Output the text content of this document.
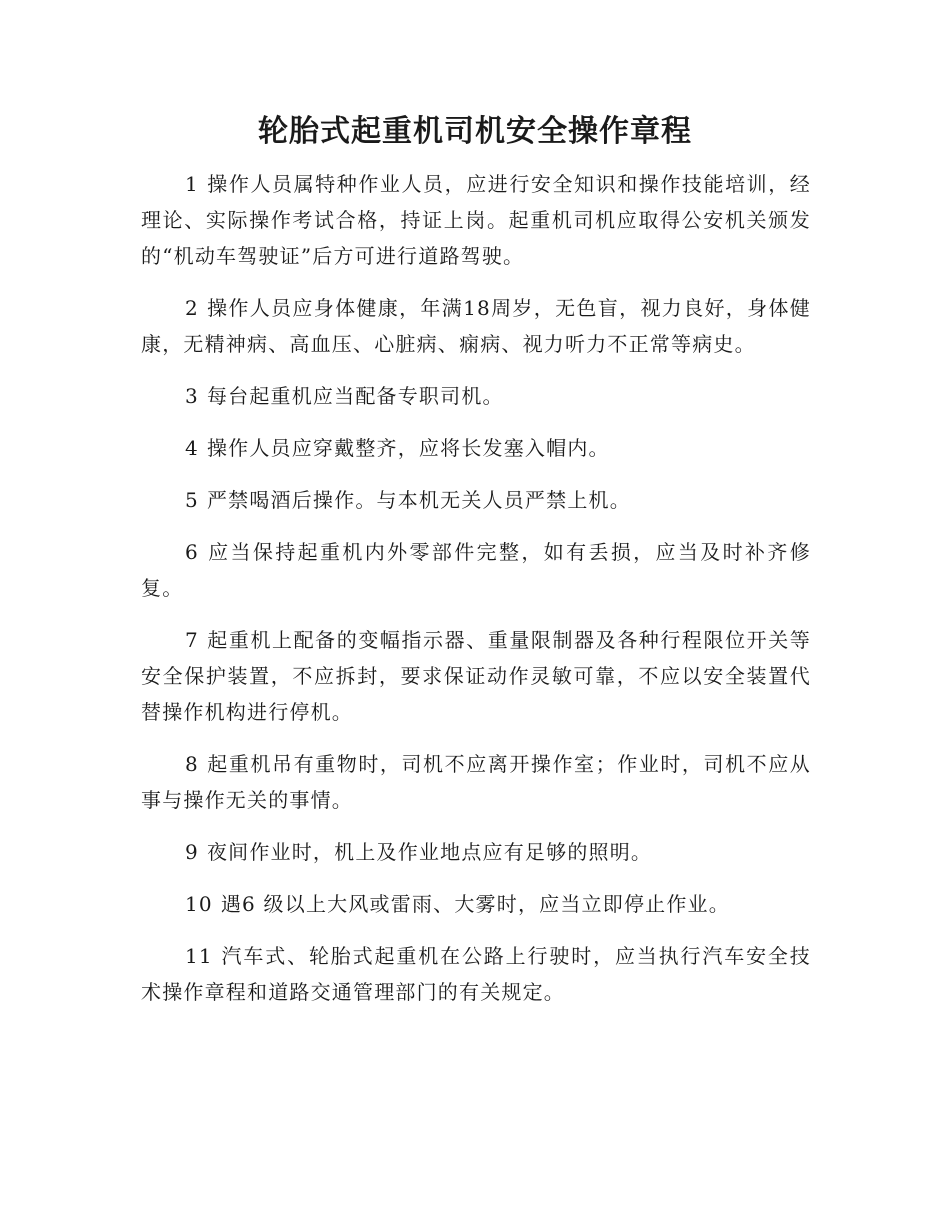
轮胎式起重机司机安全操作章程

1 操作人员属特种作业人员，应进行安全知识和操作技能培训，经理论、实际操作考试合格，持证上岗。起重机司机应取得公安机关颁发的“机动车驾驶证”后方可进行道路驾驶。

2 操作人员应身体健康，年满18周岁，无色盲，视力良好，身体健康，无精神病、高血压、心脏病、痫病、视力听力不正常等病史。

3 每台起重机应当配备专职司机。

4 操作人员应穿戴整齐，应将长发塞入帽内。

5 严禁喝酒后操作。与本机无关人员严禁上机。

6 应当保持起重机内外零部件完整，如有丢损，应当及时补齐修复。

7 起重机上配备的变幅指示器、重量限制器及各种行程限位开关等安全保护装置，不应拆封，要求保证动作灵敏可靠，不应以安全装置代替操作机构进行停机。

8 起重机吊有重物时，司机不应离开操作室；作业时，司机不应从事与操作无关的事情。

9 夜间作业时，机上及作业地点应有足够的照明。

10 遇6 级以上大风或雷雨、大雾时，应当立即停止作业。

11 汽车式、轮胎式起重机在公路上行驶时，应当执行汽车安全技术操作章程和道路交通管理部门的有关规定。
